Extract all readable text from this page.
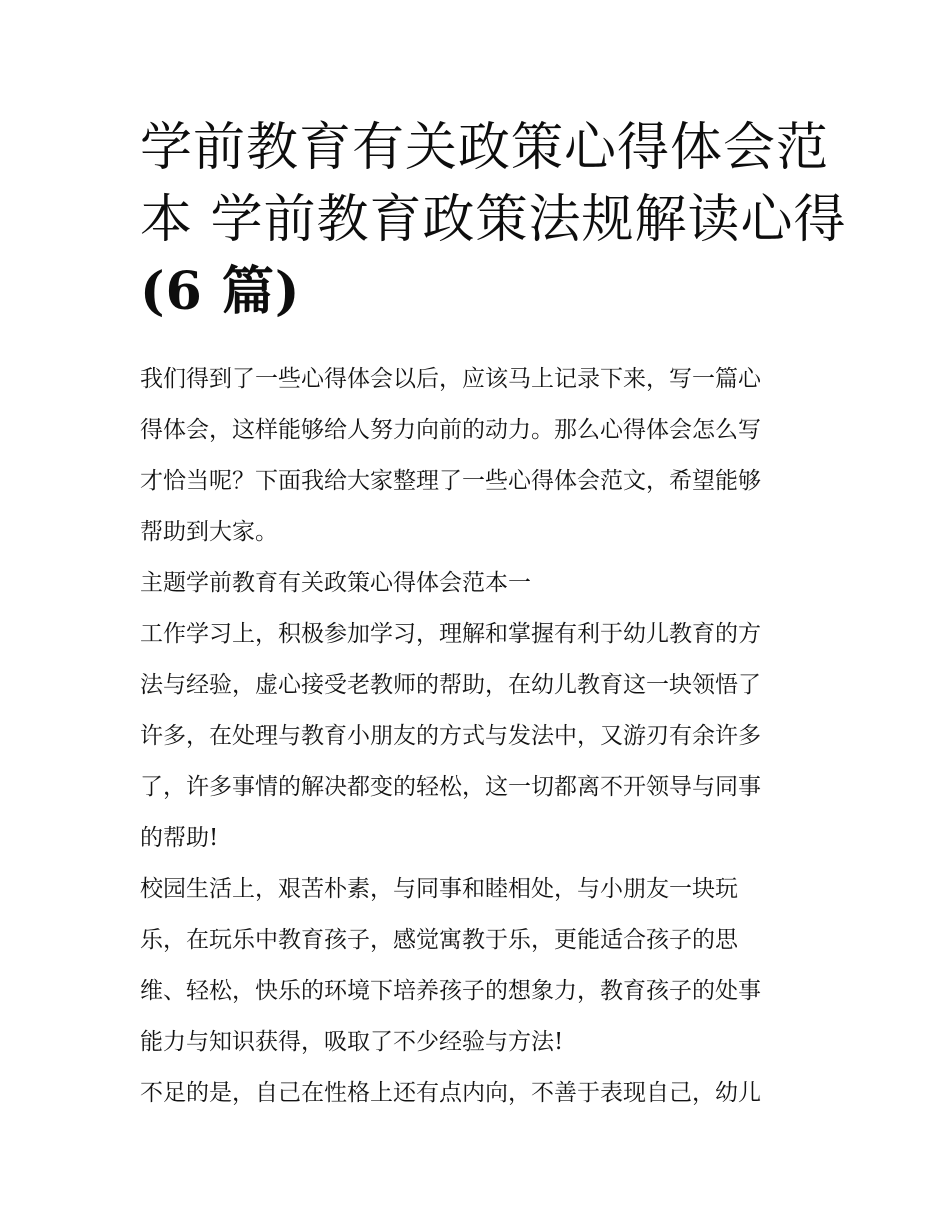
学前教育有关政策心得体会范
本 学前教育政策法规解读心得
(6 篇)

我们得到了一些心得体会以后，应该马上记录下来，写一篇心

得体会，这样能够给人努力向前的动力。那么心得体会怎么写

才恰当呢？下面我给大家整理了一些心得体会范文，希望能够

帮助到大家。

主题学前教育有关政策心得体会范本一

工作学习上，积极参加学习，理解和掌握有利于幼儿教育的方

法与经验，虚心接受老教师的帮助，在幼儿教育这一块领悟了

许多，在处理与教育小朋友的方式与发法中，又游刃有余许多

了，许多事情的解决都变的轻松，这一切都离不开领导与同事

的帮助!

校园生活上，艰苦朴素，与同事和睦相处，与小朋友一块玩

乐，在玩乐中教育孩子，感觉寓教于乐，更能适合孩子的思

维、轻松，快乐的环境下培养孩子的想象力，教育孩子的处事

能力与知识获得，吸取了不少经验与方法!

不足的是，自己在性格上还有点内向，不善于表现自己，幼儿
